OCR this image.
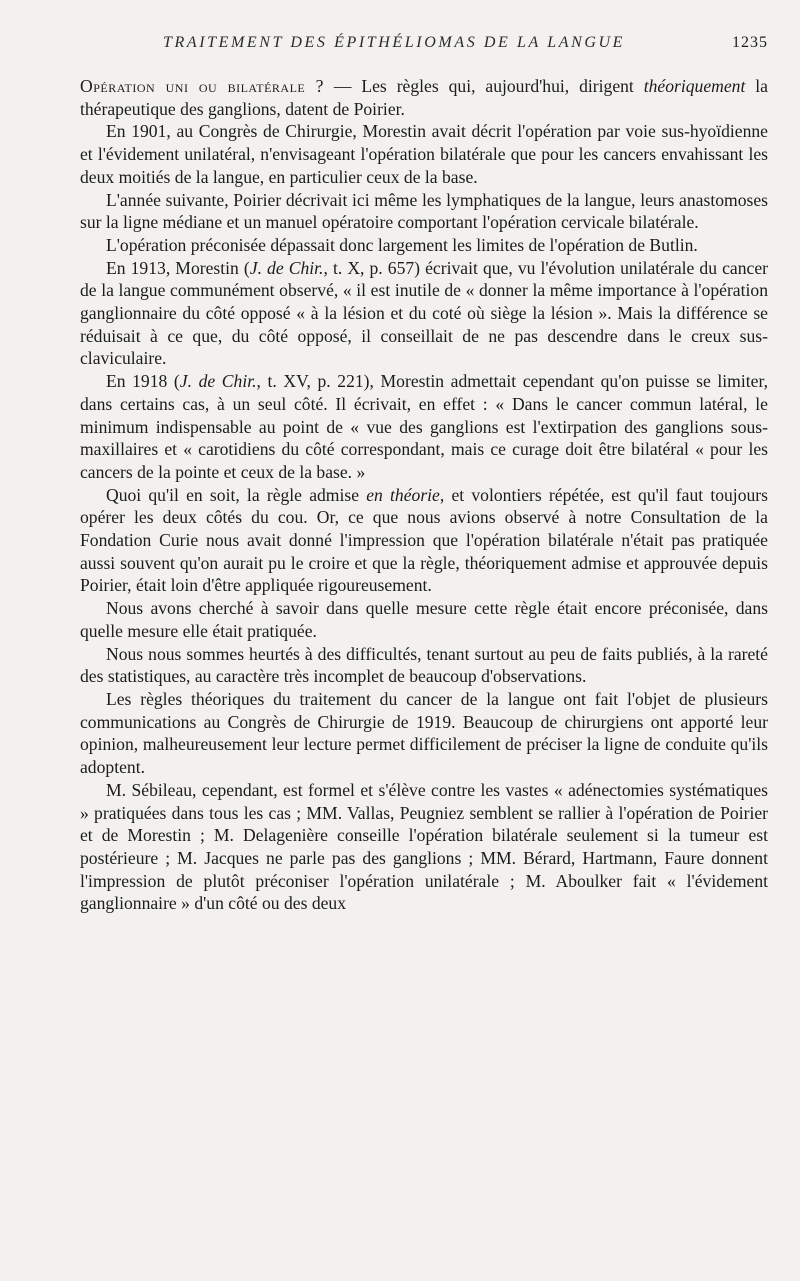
TRAITEMENT DES ÉPITHÉLIOMAS DE LA LANGUE	1235

Opération uni ou bilatérale ? — Les règles qui, aujourd'hui, dirigent théoriquement la thérapeutique des ganglions, datent de Poirier.

En 1901, au Congrès de Chirurgie, Morestin avait décrit l'opération par voie sus-hyoïdienne et l'évidement unilatéral, n'envisageant l'opération bilatérale que pour les cancers envahissant les deux moitiés de la langue, en particulier ceux de la base.

L'année suivante, Poirier décrivait ici même les lymphatiques de la langue, leurs anastomoses sur la ligne médiane et un manuel opératoire comportant l'opération cervicale bilatérale.

L'opération préconisée dépassait donc largement les limites de l'opération de Butlin.

En 1913, Morestin (J. de Chir., t. X, p. 657) écrivait que, vu l'évolution unilatérale du cancer de la langue communément observé, « il est inutile de « donner la même importance à l'opération ganglionnaire du côté opposé « à la lésion et du coté où siège la lésion ». Mais la différence se réduisait à ce que, du côté opposé, il conseillait de ne pas descendre dans le creux sus-claviculaire.

En 1918 (J. de Chir., t. XV, p. 221), Morestin admettait cependant qu'on puisse se limiter, dans certains cas, à un seul côté. Il écrivait, en effet : « Dans le cancer commun latéral, le minimum indispensable au point de « vue des ganglions est l'extirpation des ganglions sous-maxillaires et « carotidiens du côté correspondant, mais ce curage doit être bilatéral « pour les cancers de la pointe et ceux de la base. »

Quoi qu'il en soit, la règle admise en théorie, et volontiers répétée, est qu'il faut toujours opérer les deux côtés du cou. Or, ce que nous avions observé à notre Consultation de la Fondation Curie nous avait donné l'impression que l'opération bilatérale n'était pas pratiquée aussi souvent qu'on aurait pu le croire et que la règle, théoriquement admise et approuvée depuis Poirier, était loin d'être appliquée rigoureusement.

Nous avons cherché à savoir dans quelle mesure cette règle était encore préconisée, dans quelle mesure elle était pratiquée.

Nous nous sommes heurtés à des difficultés, tenant surtout au peu de faits publiés, à la rareté des statistiques, au caractère très incomplet de beaucoup d'observations.

Les règles théoriques du traitement du cancer de la langue ont fait l'objet de plusieurs communications au Congrès de Chirurgie de 1919. Beaucoup de chirurgiens ont apporté leur opinion, malheureusement leur lecture permet difficilement de préciser la ligne de conduite qu'ils adoptent.

M. Sébileau, cependant, est formel et s'élève contre les vastes « adénectomies systématiques » pratiquées dans tous les cas ; MM. Vallas, Peugniez semblent se rallier à l'opération de Poirier et de Morestin ; M. Delagenière conseille l'opération bilatérale seulement si la tumeur est postérieure ; M. Jacques ne parle pas des ganglions ; MM. Bérard, Hartmann, Faure donnent l'impression de plutôt préconiser l'opération unilatérale ; M. Aboulker fait « l'évidement ganglionnaire » d'un côté ou des deux
